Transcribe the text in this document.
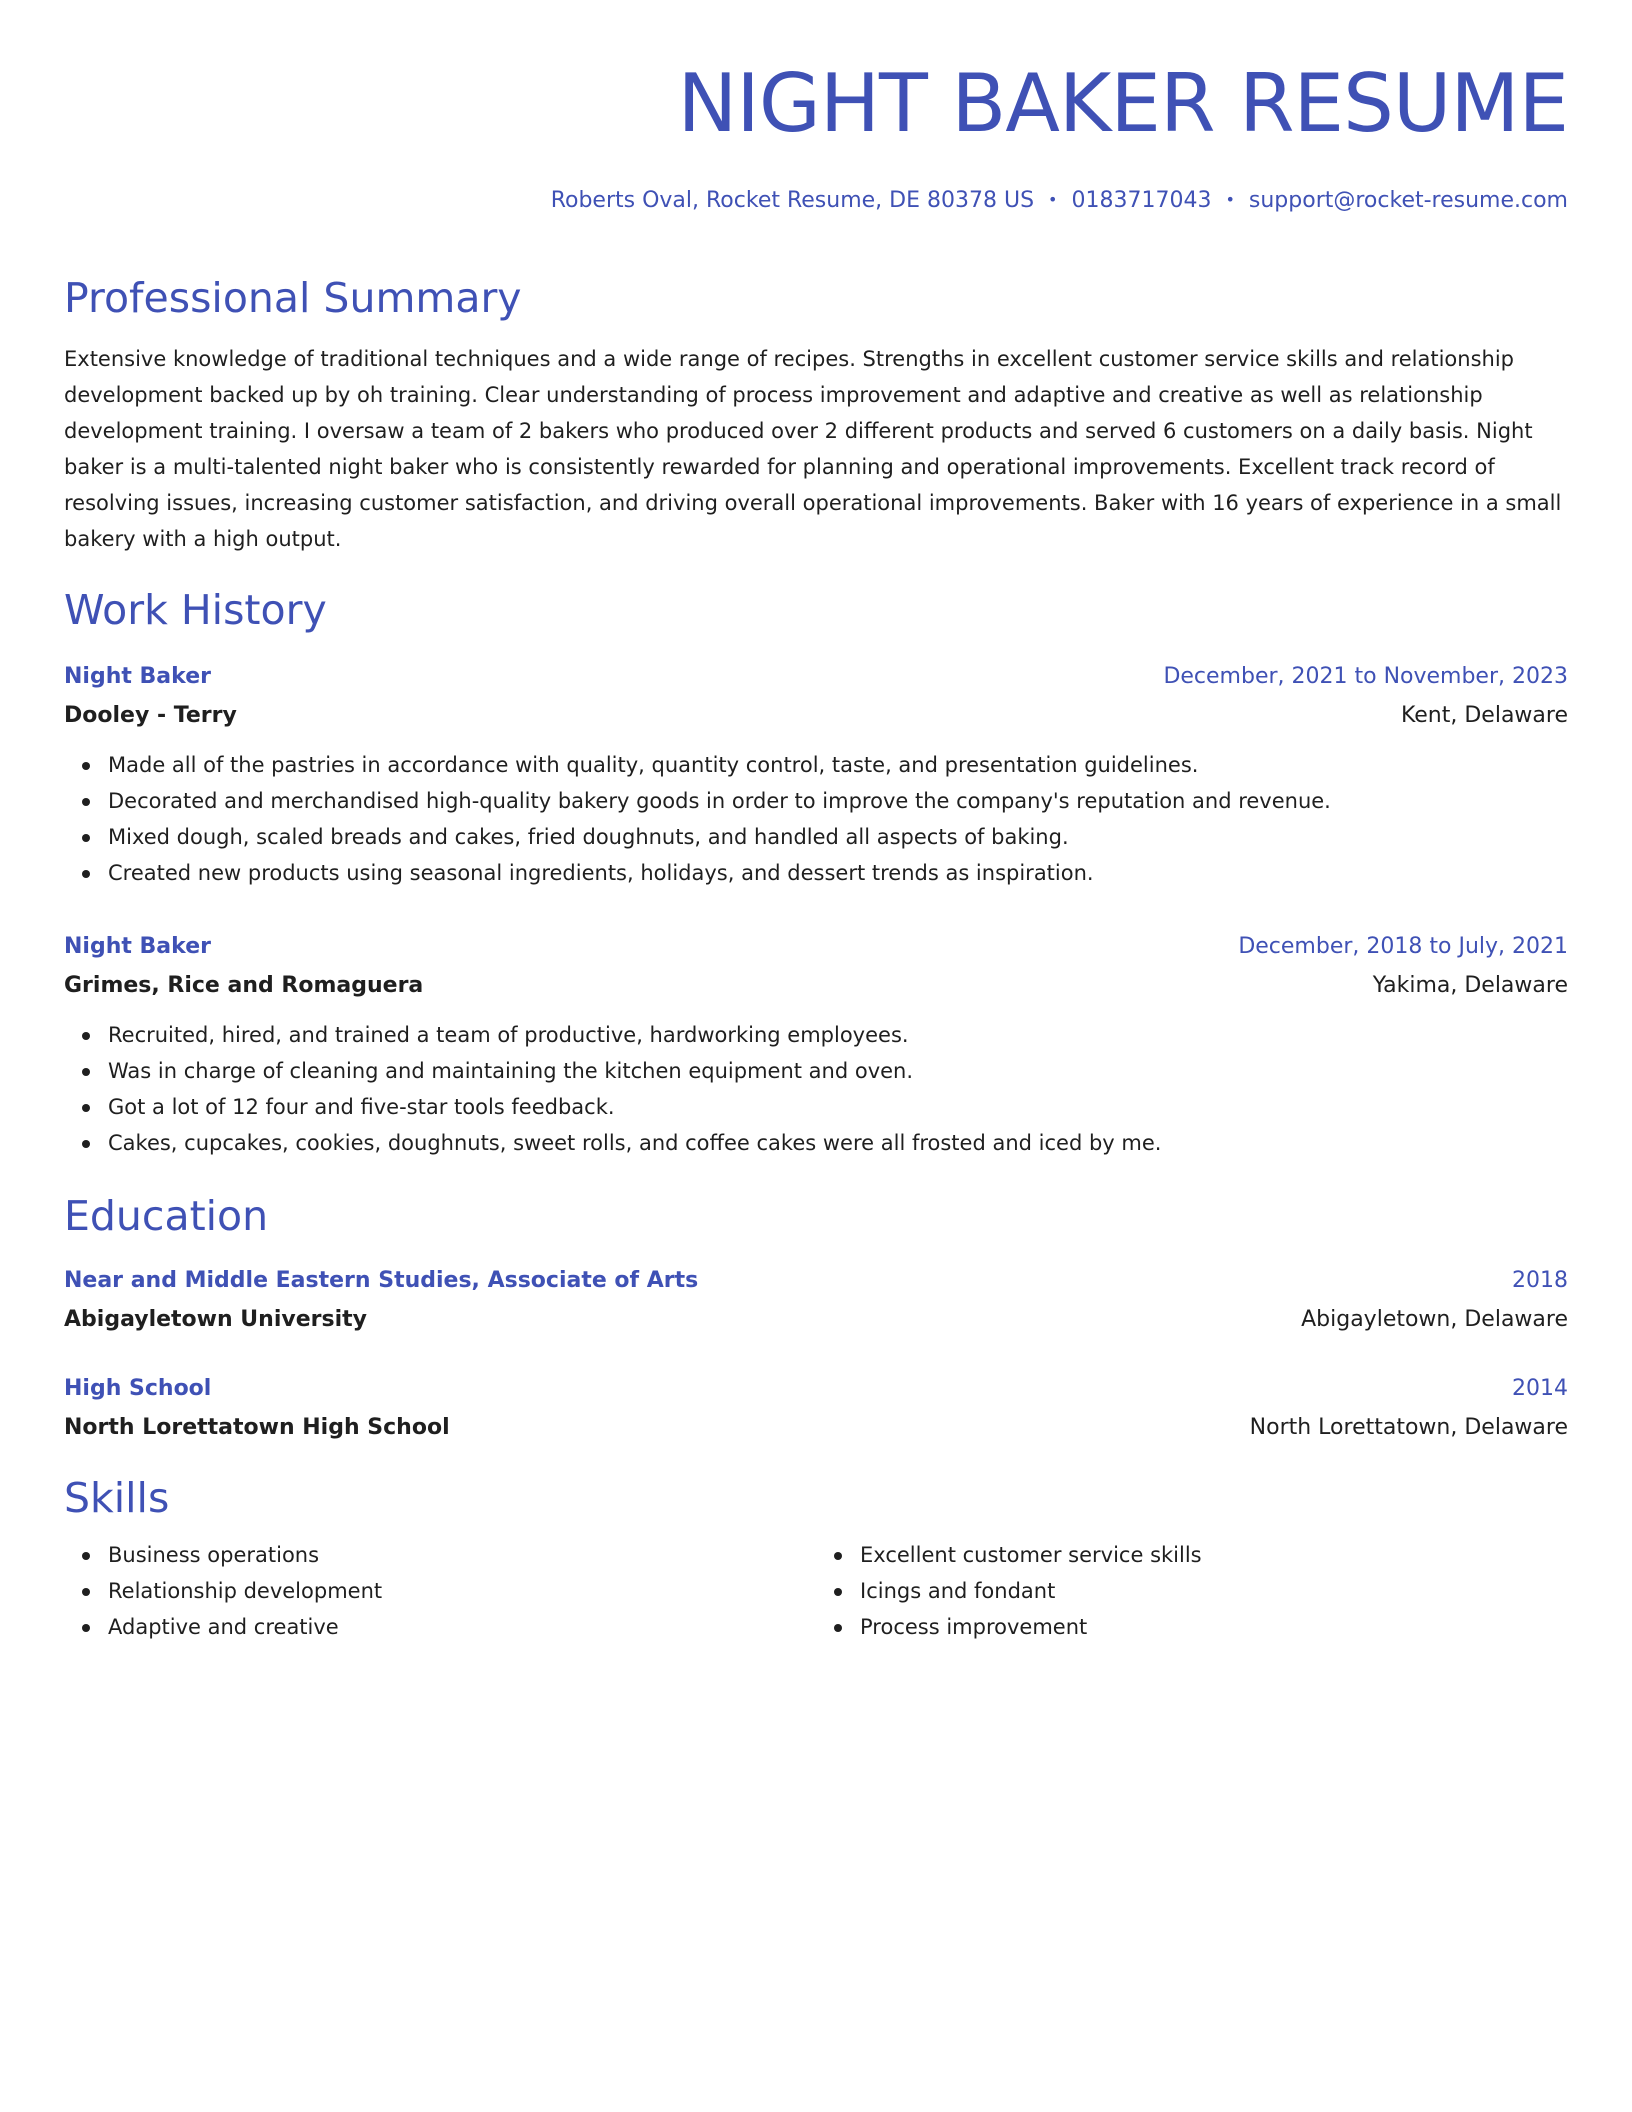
NIGHT BAKER RESUME
Roberts Oval, Rocket Resume, DE 80378 US • 0183717043 • support@rocket-resume.com
Professional Summary
Extensive knowledge of traditional techniques and a wide range of recipes. Strengths in excellent customer service skills and relationship development backed up by oh training. Clear understanding of process improvement and adaptive and creative as well as relationship development training. I oversaw a team of 2 bakers who produced over 2 different products and served 6 customers on a daily basis. Night baker is a multi-talented night baker who is consistently rewarded for planning and operational improvements. Excellent track record of resolving issues, increasing customer satisfaction, and driving overall operational improvements. Baker with 16 years of experience in a small bakery with a high output.
Work History
Night Baker	December, 2021 to November, 2023
Dooley - Terry	Kent, Delaware
Made all of the pastries in accordance with quality, quantity control, taste, and presentation guidelines.
Decorated and merchandised high-quality bakery goods in order to improve the company's reputation and revenue.
Mixed dough, scaled breads and cakes, fried doughnuts, and handled all aspects of baking.
Created new products using seasonal ingredients, holidays, and dessert trends as inspiration.
Night Baker	December, 2018 to July, 2021
Grimes, Rice and Romaguera	Yakima, Delaware
Recruited, hired, and trained a team of productive, hardworking employees.
Was in charge of cleaning and maintaining the kitchen equipment and oven.
Got a lot of 12 four and five-star tools feedback.
Cakes, cupcakes, cookies, doughnuts, sweet rolls, and coffee cakes were all frosted and iced by me.
Education
Near and Middle Eastern Studies, Associate of Arts	2018
Abigayletown University	Abigayletown, Delaware
High School	2014
North Lorettatown High School	North Lorettatown, Delaware
Skills
Business operations
Relationship development
Adaptive and creative
Excellent customer service skills
Icings and fondant
Process improvement
